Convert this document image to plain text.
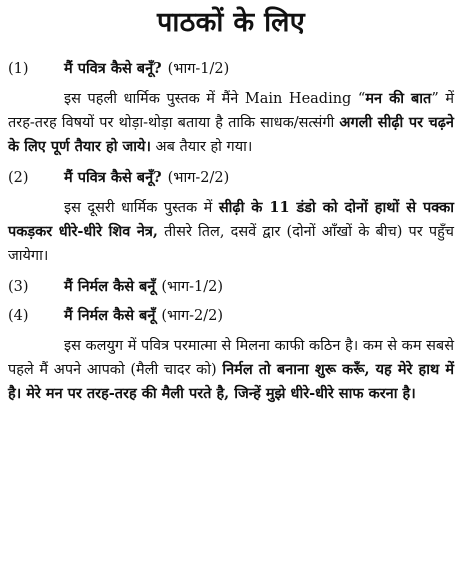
पाठकों के लिए
(1)	मैं पवित्र कैसे बनूँ? (भाग-1/2)

इस पहली धार्मिक पुस्तक में मैंने Main Heading “मन की बात” में तरह-तरह विषयों पर थोड़ा-थोड़ा बताया है ताकि साधक/सत्संगी अगली सीढ़ी पर चढ़ने के लिए पूर्ण तैयार हो जाये। अब तैयार हो गया।

(2)	मैं पवित्र कैसे बनूँ? (भाग-2/2)

इस दूसरी धार्मिक पुस्तक में सीढ़ी के 11 डंडो को दोनों हाथों से पक्का पकड़कर धीरे-धीरे शिव नेत्र, तीसरे तिल, दसवें द्वार (दोनों आँखों के बीच) पर पहुँच जायेगा।

(3)	मैं निर्मल कैसे बनूँ (भाग-1/2)
(4)	मैं निर्मल कैसे बनूँ (भाग-2/2)

इस कलयुग में पवित्र परमात्मा से मिलना काफी कठिन है। कम से कम सबसे पहले मैं अपने आपको (मैली चादर को) निर्मल तो बनाना शुरू करूँ, यह मेरे हाथ में है। मेरे मन पर तरह-तरह की मैली परते है, जिन्हें मुझे धीरे-धीरे साफ करना है।
